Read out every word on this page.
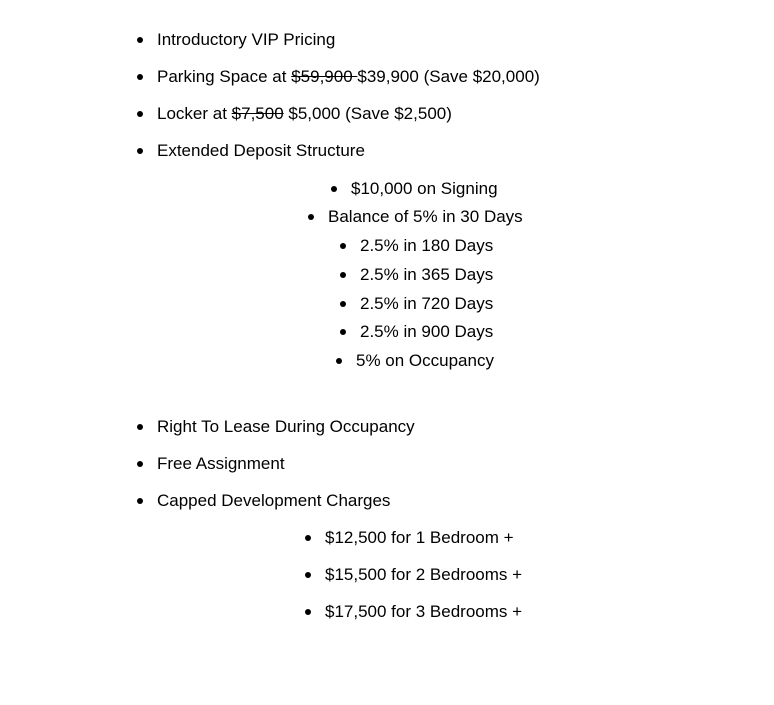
Introductory VIP Pricing
Parking Space at $59,900 $39,900 (Save $20,000)
Locker at $7,500 $5,000 (Save $2,500)
Extended Deposit Structure
$10,000 on Signing
Balance of 5% in 30 Days
2.5% in 180 Days
2.5% in 365 Days
2.5% in 720 Days
2.5% in 900 Days
5% on Occupancy
Right To Lease During Occupancy
Free Assignment
Capped Development Charges
$12,500 for 1 Bedroom +
$15,500 for 2 Bedrooms +
$17,500 for 3 Bedrooms +
